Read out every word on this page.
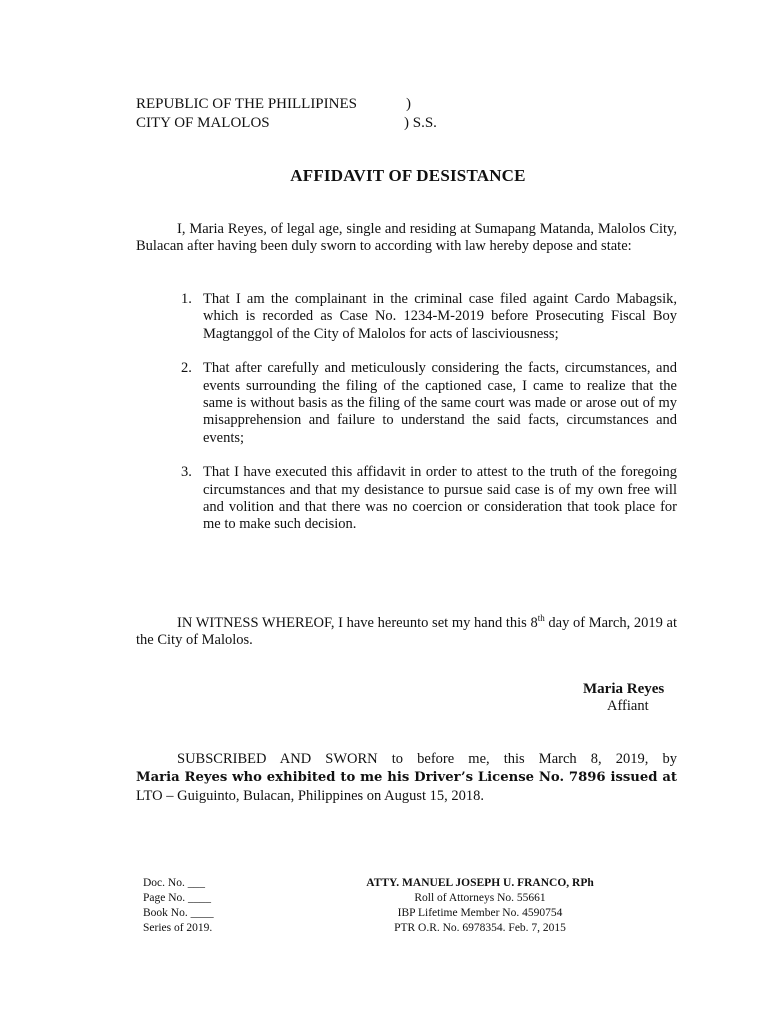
REPUBLIC OF THE PHILLIPINES	)
CITY OF MALOLOS	) S.S.
AFFIDAVIT OF DESISTANCE

I, Maria Reyes, of legal age, single and residing at Sumapang Matanda, Malolos City, Bulacan after having been duly sworn to according with law hereby depose and state:

1. That I am the complainant in the criminal case filed againt Cardo Mabagsik, which is recorded as Case No. 1234-M-2019 before Prosecuting Fiscal Boy Magtanggol of the City of Malolos for acts of lasciviousness;
2. That after carefully and meticulously considering the facts, circumstances, and events surrounding the filing of the captioned case, I came to realize that the same is without basis as the filing of the same court was made or arose out of my misapprehension and failure to understand the said facts, circumstances and events;
3. That I have executed this affidavit in order to attest to the truth of the foregoing circumstances and that my desistance to pursue said case is of my own free will and volition and that there was no coercion or consideration that took place for me to make such decision.

IN WITNESS WHEREOF, I have hereunto set my hand this 8th day of March, 2019 at the City of Malolos.

Maria Reyes
Affiant
SUBSCRIBED AND SWORN to before me, this March 8, 2019, by
Maria Reyes who exhibited to me his Driver’s License No. 7896 issued at
LTO – Guiguinto, Bulacan, Philippines on August 15, 2018.
Doc. No. ___
Page No. ____
Book No. ____
Series of 2019.
ATTY. MANUEL JOSEPH U. FRANCO, RPh
Roll of Attorneys No. 55661
IBP Lifetime Member No. 4590754
PTR O.R. No. 6978354. Feb. 7, 2015
